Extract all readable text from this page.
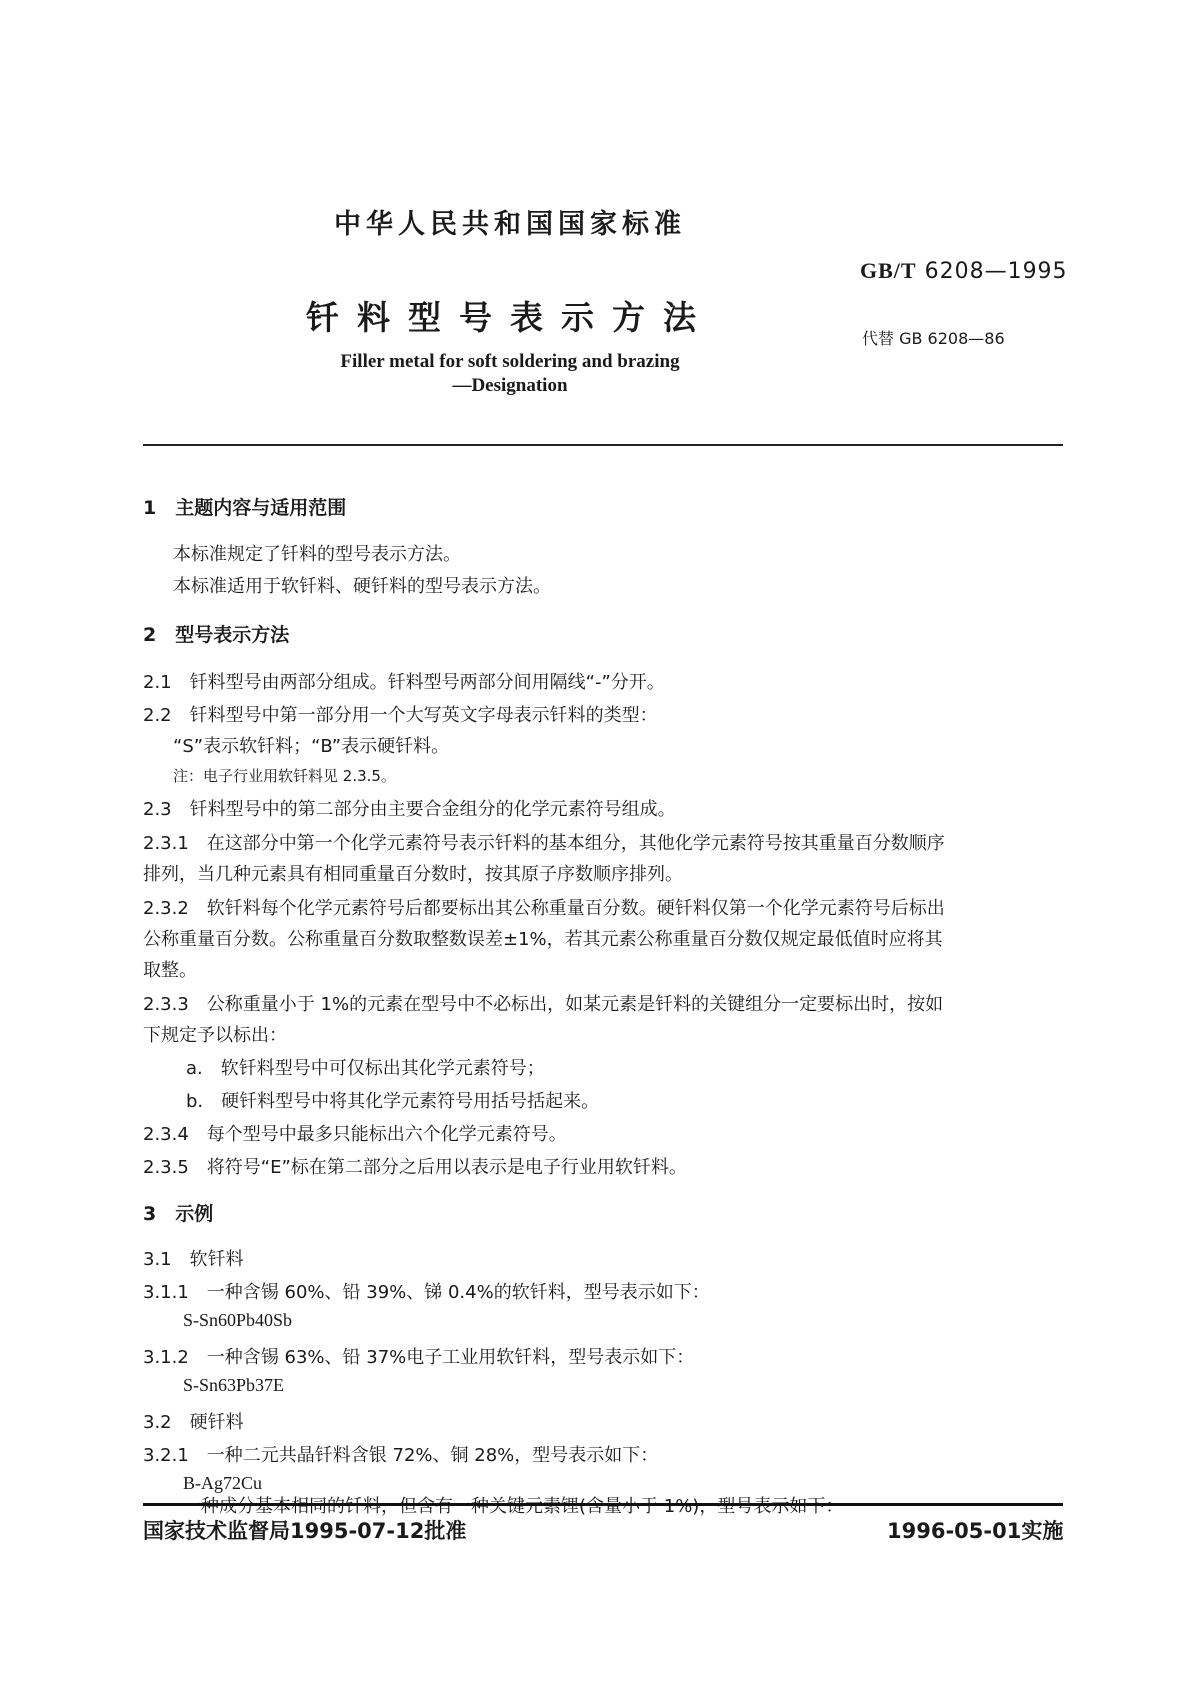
中华人民共和国国家标准
GB/T 6208—1995
钎料型号表示方法
代替 GB 6208—86
Filler metal for soft soldering and brazing
—Designation
1　主题内容与适用范围
本标准规定了钎料的型号表示方法。
本标准适用于软钎料、硬钎料的型号表示方法。
2　型号表示方法
2.1　钎料型号由两部分组成。钎料型号两部分间用隔线“-”分开。
2.2　钎料型号中第一部分用一个大写英文字母表示钎料的类型：
“S”表示软钎料；“B”表示硬钎料。
注：电子行业用软钎料见 2.3.5。
2.3　钎料型号中的第二部分由主要合金组分的化学元素符号组成。
2.3.1　在这部分中第一个化学元素符号表示钎料的基本组分，其他化学元素符号按其重量百分数顺序
排列，当几种元素具有相同重量百分数时，按其原子序数顺序排列。
2.3.2　软钎料每个化学元素符号后都要标出其公称重量百分数。硬钎料仅第一个化学元素符号后标出
公称重量百分数。公称重量百分数取整数误差±1%，若其元素公称重量百分数仅规定最低值时应将其
取整。
2.3.3　公称重量小于 1%的元素在型号中不必标出，如某元素是钎料的关键组分一定要标出时，按如
下规定予以标出：
a.　软钎料型号中可仅标出其化学元素符号；
b.　硬钎料型号中将其化学元素符号用括号括起来。
2.3.4　每个型号中最多只能标出六个化学元素符号。
2.3.5　将符号“E”标在第二部分之后用以表示是电子行业用软钎料。
3　示例
3.1　软钎料
3.1.1　一种含锡 60%、铅 39%、锑 0.4%的软钎料，型号表示如下：
S-Sn60Pb40Sb
3.1.2　一种含锡 63%、铅 37%电子工业用软钎料，型号表示如下：
S-Sn63Pb37E
3.2　硬钎料
3.2.1　一种二元共晶钎料含银 72%、铜 28%，型号表示如下：
B-Ag72Cu
一种成分基本相同的钎料，但含有一种关键元素锂(含量小于 1%)，型号表示如下：
国家技术监督局1995-07-12批准	1996-05-01实施
